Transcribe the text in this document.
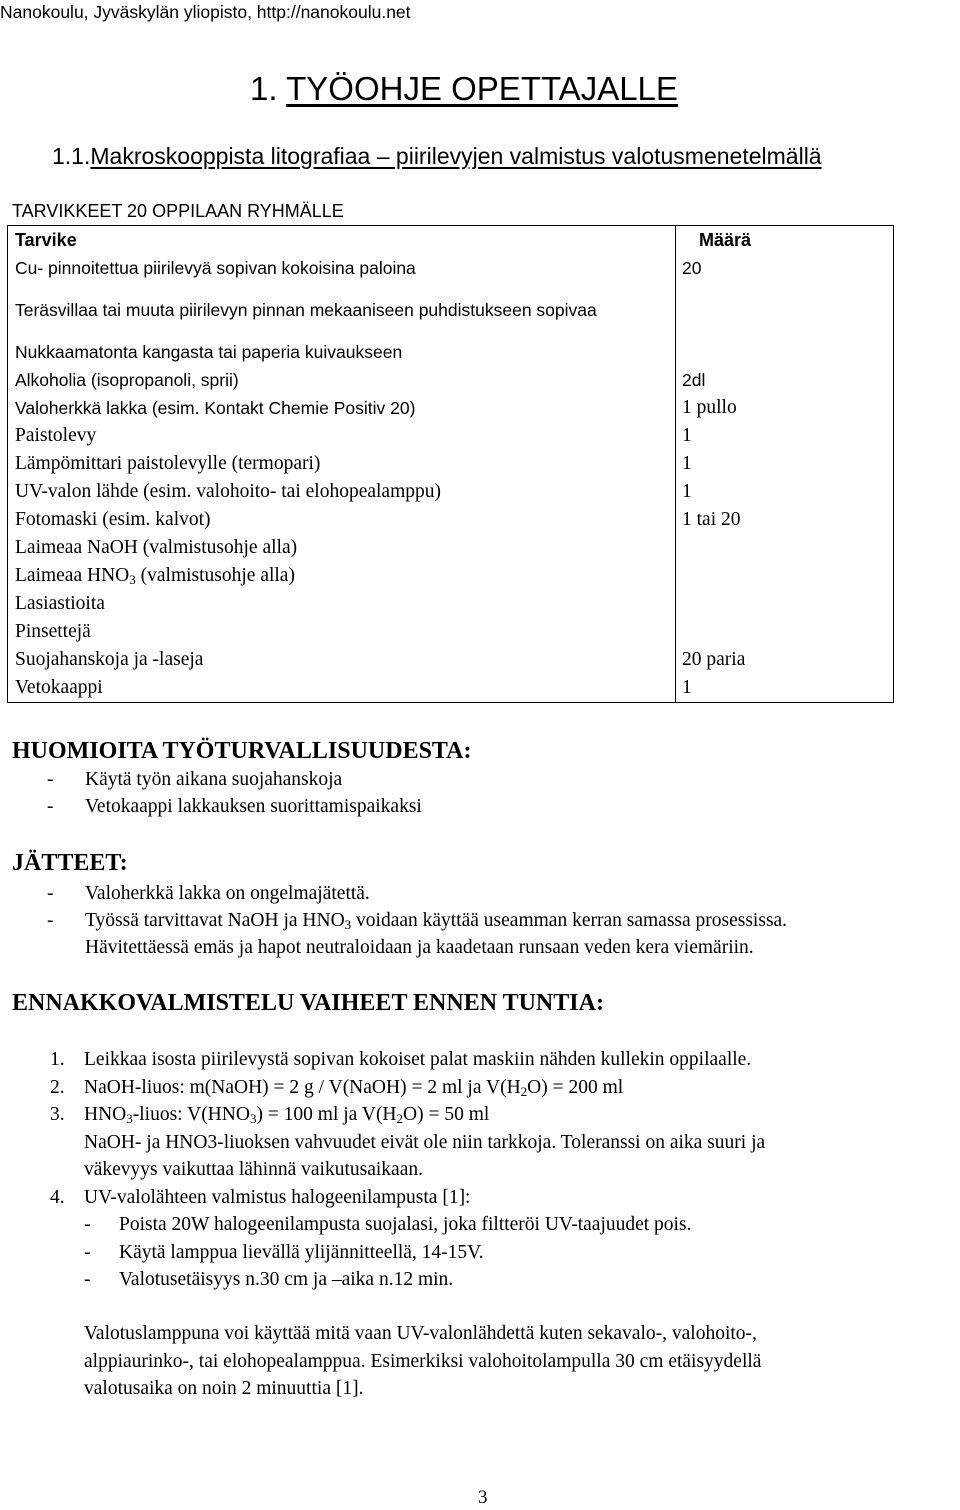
Nanokoulu, Jyväskylän yliopisto, http://nanokoulu.net
1. TYÖOHJE OPETTAJALLE
1.1.Makroskooppista litografiaa – piirilevyjen valmistus valotusmenetelmällä
TARVIKKEET 20 OPPILAAN RYHMÄLLE
Tarvike	Määrä
Cu- pinnoitettua piirilevyä sopivan kokoisina paloina	20

Teräsvillaa tai muuta piirilevyn pinnan mekaaniseen puhdistukseen sopivaa	

Nukkaamatonta kangasta tai paperia kuivaukseen	
Alkoholia (isopropanoli, sprii)	2dl
Valoherkkä lakka (esim. Kontakt Chemie Positiv 20)	1 pullo
Paistolevy	1
Lämpömittari paistolevylle (termopari)	1
UV-valon lähde (esim. valohoito- tai elohopealamppu)	1
Fotomaski (esim. kalvot)	1 tai 20
Laimeaa NaOH (valmistusohje alla)	
Laimeaa $HNO_3$ (valmistusohje alla)	
Lasiastioita	
Pinsettejä	
Suojahanskoja ja -laseja	20 paria
Vetokaappi	1
HUOMIOITA TYÖTURVALLISUUDESTA:
- Käytä työn aikana suojahanskoja
- Vetokaappi lakkauksen suorittamispaikaksi
JÄTTEET:
- Valoherkkä lakka on ongelmajätettä.
- Työssä tarvittavat NaOH ja $HNO_3$ voidaan käyttää useamman kerran samassa prosessissa.
Hävitettäessä emäs ja hapot neutraloidaan ja kaadetaan runsaan veden kera viemäriin.
ENNAKKOVALMISTELU VAIHEET ENNEN TUNTIA:
1. Leikkaa isosta piirilevystä sopivan kokoiset palat maskiin nähden kullekin oppilaalle.
2. NaOH-liuos: m(NaOH) = 2 g / V(NaOH) = 2 ml ja $V(H_2O) = 200$ ml
3. $HNO_3$-liuos: $V(HNO_3) = 100$ ml ja $V(H_2O) = 50$ ml
NaOH- ja HNO3-liuoksen vahvuudet eivät ole niin tarkkoja. Toleranssi on aika suuri ja
väkevyys vaikuttaa lähinnä vaikutusaikaan.
4. UV-valolähteen valmistus halogeenilampusta [1]:
- Poista 20W halogeenilampusta suojalasi, joka filtteröi UV-taajuudet pois.
- Käytä lamppua lievällä ylijännitteellä, 14-15V.
- Valotusetäisyys n.30 cm ja –aika n.12 min.
Valotuslamppuna voi käyttää mitä vaan UV-valonlähdettä kuten sekavalo-, valohoito-,
alppiaurinko-, tai elohopealamppua. Esimerkiksi valohoitolampulla 30 cm etäisyydellä
valotusaika on noin 2 minuuttia [1].
3
